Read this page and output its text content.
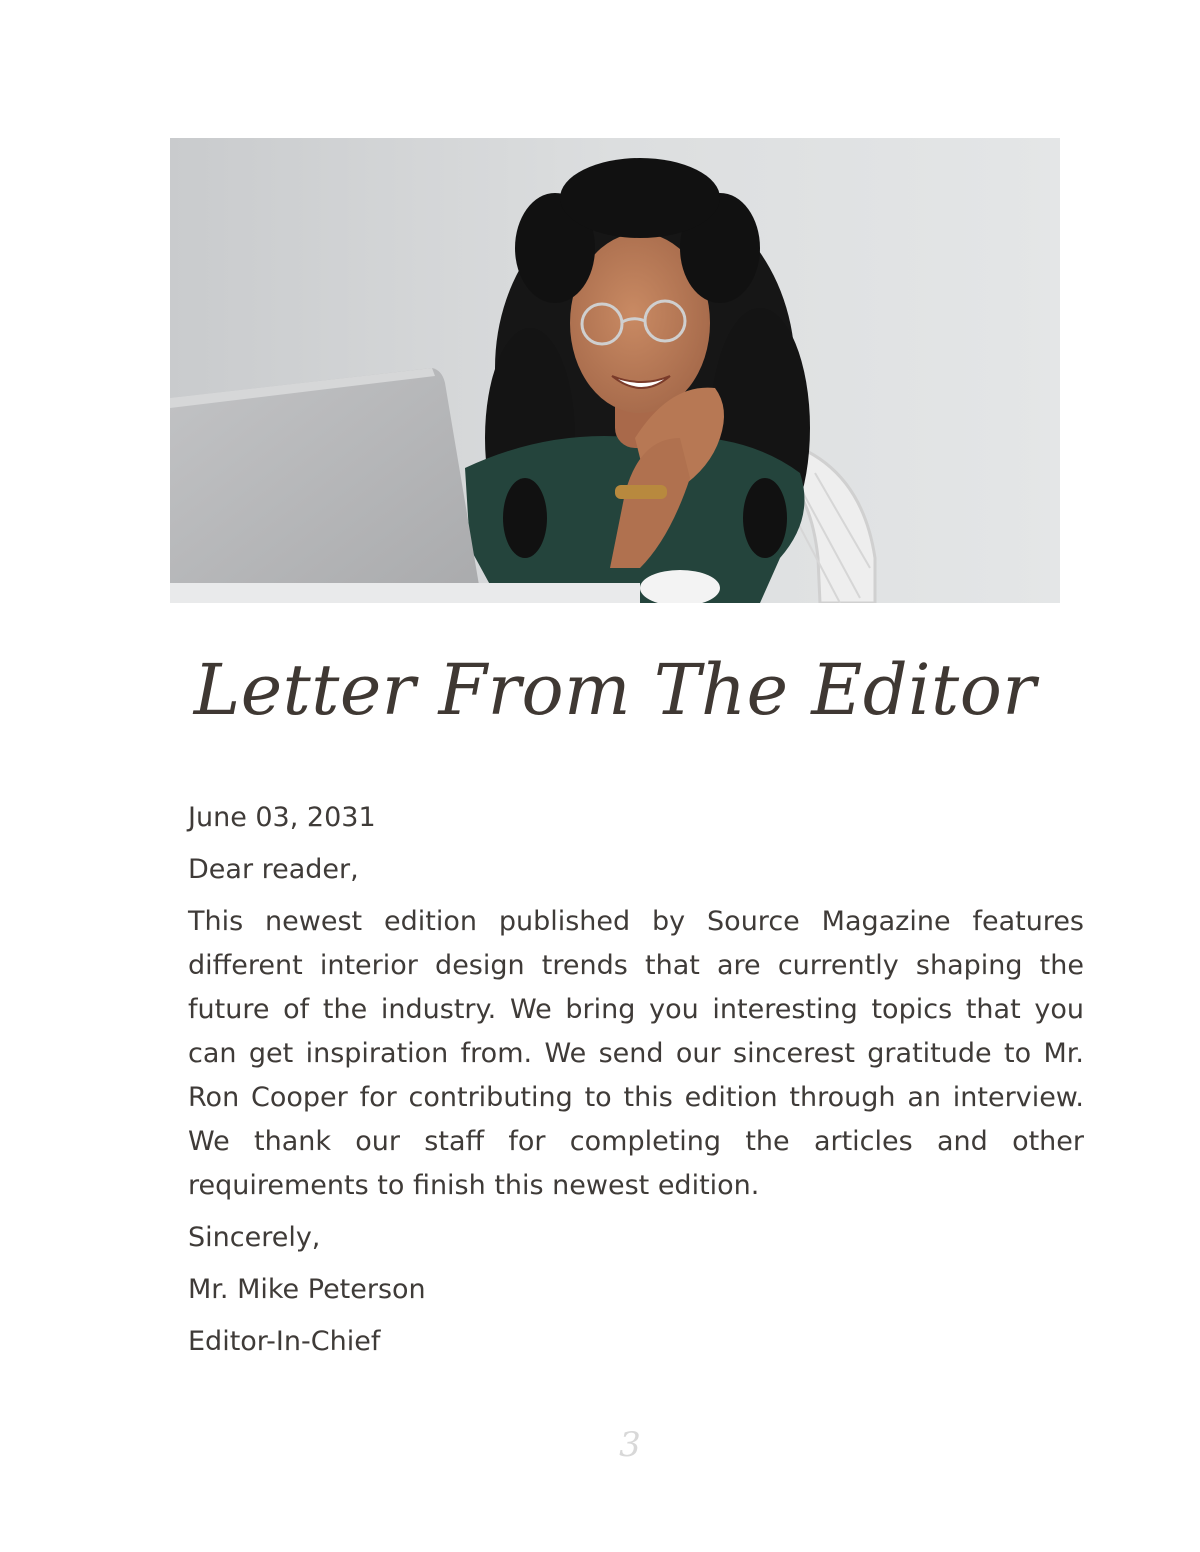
Letter From The Editor

June 03, 2031

Dear reader,

This newest edition published by Source Magazine features different interior design trends that are currently shaping the future of the industry. We bring you interesting topics that you can get inspiration from. We send our sincerest gratitude to Mr. Ron Cooper for contributing to this edition through an interview. We thank our staff for completing the articles and other requirements to finish this newest edition.

Sincerely,

Mr. Mike Peterson

Editor-In-Chief

3
